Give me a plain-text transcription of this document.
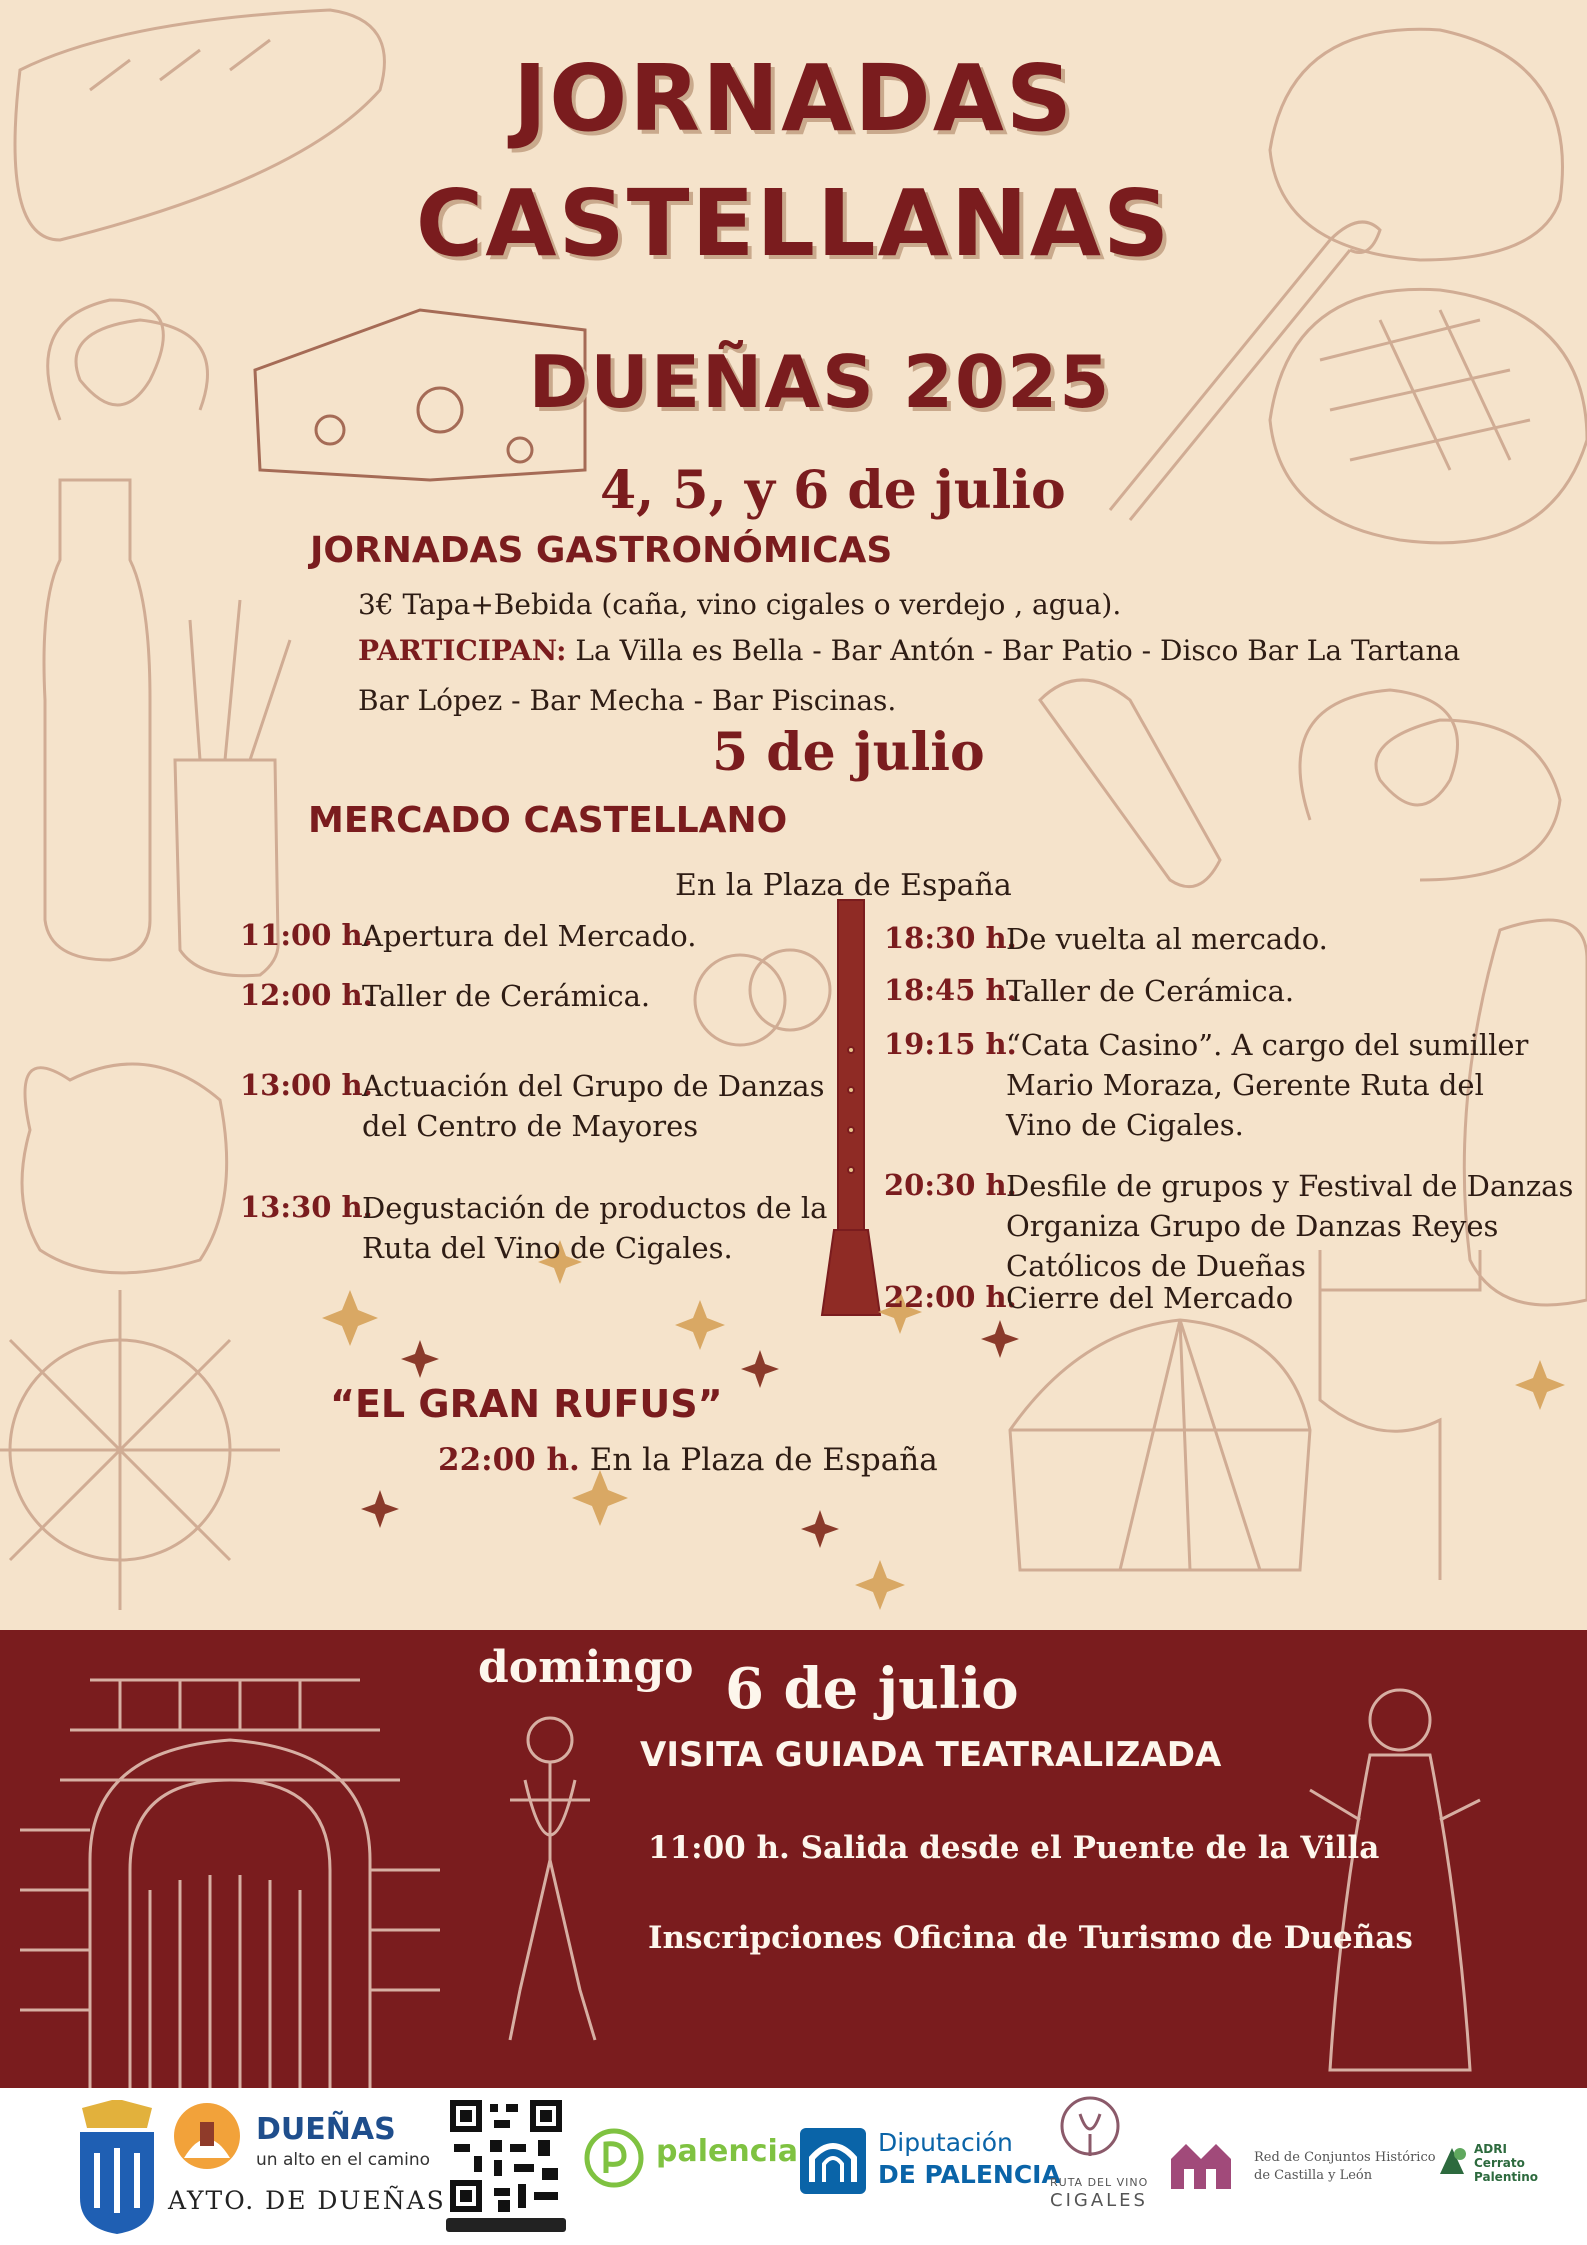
JORNADAS
CASTELLANAS
DUEÑAS 2025
4, 5, y 6 de julio
JORNADAS GASTRONÓMICAS
3€ Tapa+Bebida (caña, vino cigales o verdejo , agua).
PARTICIPAN: La Villa es Bella - Bar Antón - Bar Patio - Disco Bar La Tartana
Bar López - Bar Mecha - Bar Piscinas.
5 de julio
MERCADO CASTELLANO
En la Plaza de España
11:00 h.
Apertura del Mercado.
12:00 h.
Taller de Cerámica.
13:00 h.
Actuación del Grupo de Danzas
del Centro de Mayores
13:30 h.
Degustación de productos de la
Ruta del Vino de Cigales.
18:30 h.
De vuelta al mercado.
18:45 h.
Taller de Cerámica.
19:15 h.
“Cata Casino”. A cargo del sumiller
Mario Moraza, Gerente Ruta del
Vino de Cigales.
20:30 h.
Desfile de grupos y Festival de Danzas
Organiza Grupo de Danzas Reyes
Católicos de Dueñas
22:00 h.
Cierre del Mercado
“EL GRAN RUFUS”
22:00 h. En la Plaza de España
domingo 6 de julio
VISITA GUIADA TEATRALIZADA
11:00 h. Salida desde el Puente de la Villa
Inscripciones Oficina de Turismo de Dueñas
AYTO. DE DUEÑAS
DUEÑAS
un alto en el camino	palencia	Diputación
DE PALENCIA
RUTA DEL VINO
CIGALES
Red de Conjuntos Histórico
de Castilla y León
ADRI
Cerrato
Palentino
